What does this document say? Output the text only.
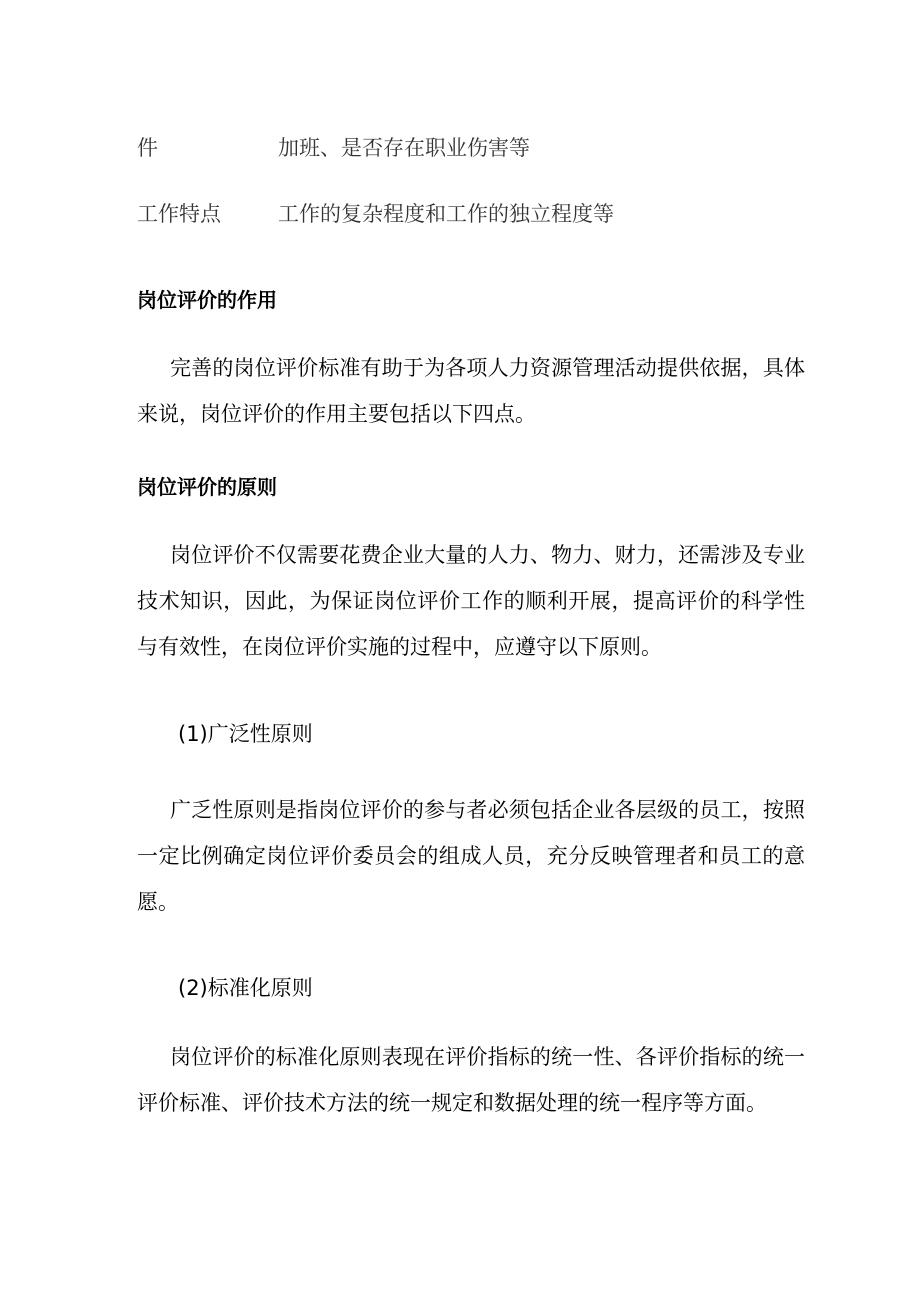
件	加班、是否存在职业伤害等
工作特点	工作的复杂程度和工作的独立程度等
岗位评价的作用

完善的岗位评价标准有助于为各项人力资源管理活动提供依据，具体来说，岗位评价的作用主要包括以下四点。

岗位评价的原则

岗位评价不仅需要花费企业大量的人力、物力、财力，还需涉及专业技术知识，因此，为保证岗位评价工作的顺利开展，提高评价的科学性与有效性，在岗位评价实施的过程中，应遵守以下原则。

(1)广泛性原则

广乏性原则是指岗位评价的参与者必须包括企业各层级的员工，按照一定比例确定岗位评价委员会的组成人员，充分反映管理者和员工的意愿。

(2)标准化原则

岗位评价的标准化原则表现在评价指标的统一性、各评价指标的统一评价标准、评价技术方法的统一规定和数据处理的统一程序等方面。
